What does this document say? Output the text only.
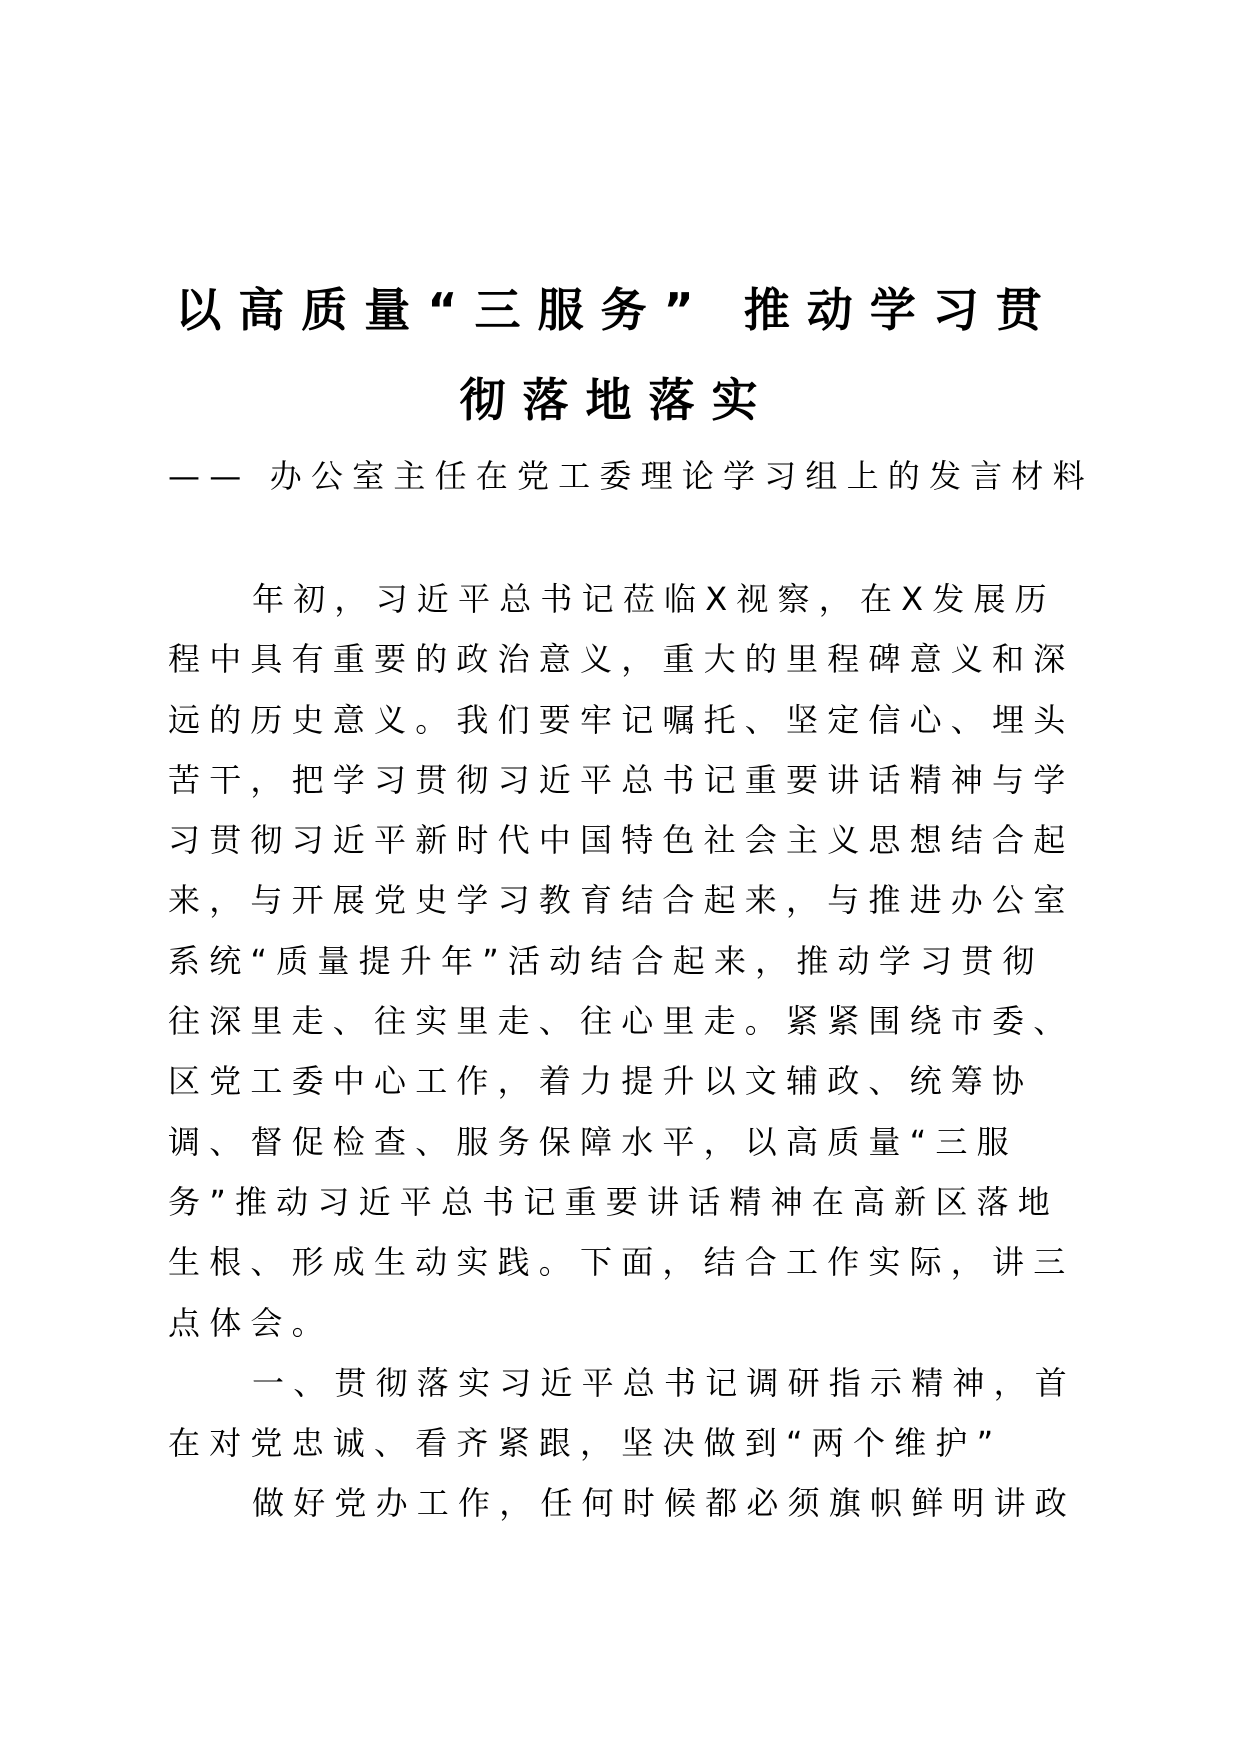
以高质量“三服务” 推动学习贯
彻落地落实
—— 办公室主任在党工委理论学习组上的发言材料
年初，习近平总书记莅临X视察，在X发展历
程中具有重要的政治意义，重大的里程碑意义和深
远的历史意义。我们要牢记嘱托、坚定信心、埋头
苦干，把学习贯彻习近平总书记重要讲话精神与学
习贯彻习近平新时代中国特色社会主义思想结合起
来，与开展党史学习教育结合起来，与推进办公室
系统“质量提升年”活动结合起来，推动学习贯彻
往深里走、往实里走、往心里走。紧紧围绕市委、
区党工委中心工作，着力提升以文辅政、统筹协
调、督促检查、服务保障水平，以高质量“三服
务”推动习近平总书记重要讲话精神在高新区落地
生根、形成生动实践。下面，结合工作实际，讲三
点体会。
一、贯彻落实习近平总书记调研指示精神，首
在对党忠诚、看齐紧跟，坚决做到“两个维护”
做好党办工作，任何时候都必须旗帜鲜明讲政
